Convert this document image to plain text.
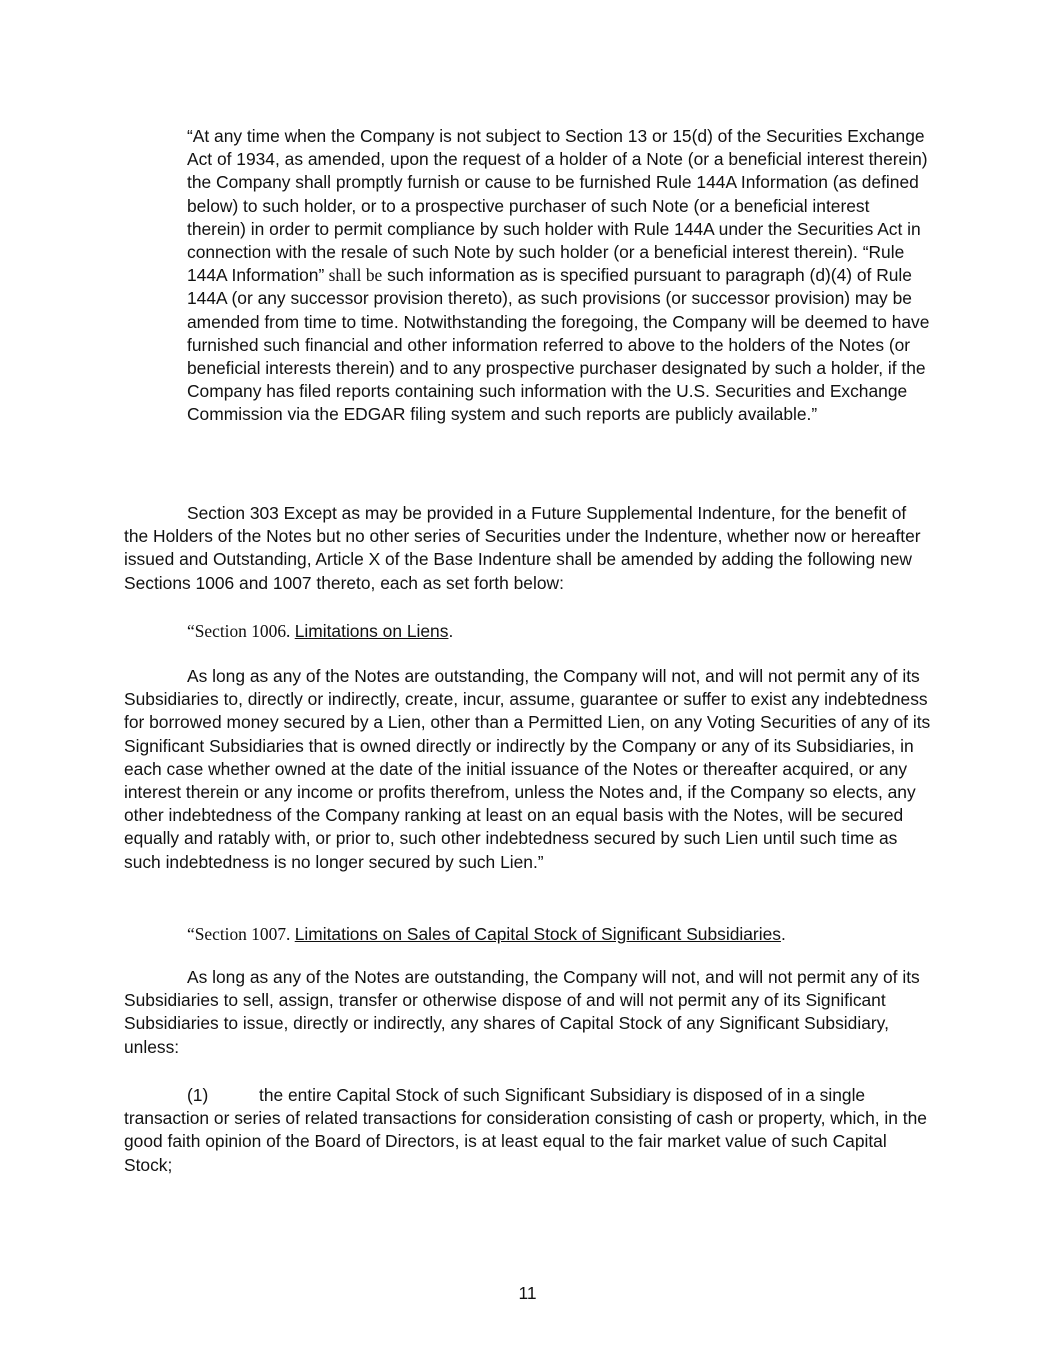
“At any time when the Company is not subject to Section 13 or 15(d) of the Securities Exchange Act of 1934, as amended, upon the request of a holder of a Note (or a beneficial interest therein) the Company shall promptly furnish or cause to be furnished Rule 144A Information (as defined below) to such holder, or to a prospective purchaser of such Note (or a beneficial interest therein) in order to permit compliance by such holder with Rule 144A under the Securities Act in connection with the resale of such Note by such holder (or a beneficial interest therein). “Rule 144A Information” shall be such information as is specified pursuant to paragraph (d)(4) of Rule 144A (or any successor provision thereto), as such provisions (or successor provision) may be amended from time to time. Notwithstanding the foregoing, the Company will be deemed to have furnished such financial and other information referred to above to the holders of the Notes (or beneficial interests therein) and to any prospective purchaser designated by such a holder, if the Company has filed reports containing such information with the U.S. Securities and Exchange Commission via the EDGAR filing system and such reports are publicly available.”

Section 303 Except as may be provided in a Future Supplemental Indenture, for the benefit of the Holders of the Notes but no other series of Securities under the Indenture, whether now or hereafter issued and Outstanding, Article X of the Base Indenture shall be amended by adding the following new Sections 1006 and 1007 thereto, each as set forth below:

“Section 1006. Limitations on Liens.

As long as any of the Notes are outstanding, the Company will not, and will not permit any of its Subsidiaries to, directly or indirectly, create, incur, assume, guarantee or suffer to exist any indebtedness for borrowed money secured by a Lien, other than a Permitted Lien, on any Voting Securities of any of its Significant Subsidiaries that is owned directly or indirectly by the Company or any of its Subsidiaries, in each case whether owned at the date of the initial issuance of the Notes or thereafter acquired, or any interest therein or any income or profits therefrom, unless the Notes and, if the Company so elects, any other indebtedness of the Company ranking at least on an equal basis with the Notes, will be secured equally and ratably with, or prior to, such other indebtedness secured by such Lien until such time as such indebtedness is no longer secured by such Lien.”

“Section 1007. Limitations on Sales of Capital Stock of Significant Subsidiaries.

As long as any of the Notes are outstanding, the Company will not, and will not permit any of its Subsidiaries to sell, assign, transfer or otherwise dispose of and will not permit any of its Significant Subsidiaries to issue, directly or indirectly, any shares of Capital Stock of any Significant Subsidiary, unless:

(1)	the entire Capital Stock of such Significant Subsidiary is disposed of in a single transaction or series of related transactions for consideration consisting of cash or property, which, in the good faith opinion of the Board of Directors, is at least equal to the fair market value of such Capital Stock;

11
